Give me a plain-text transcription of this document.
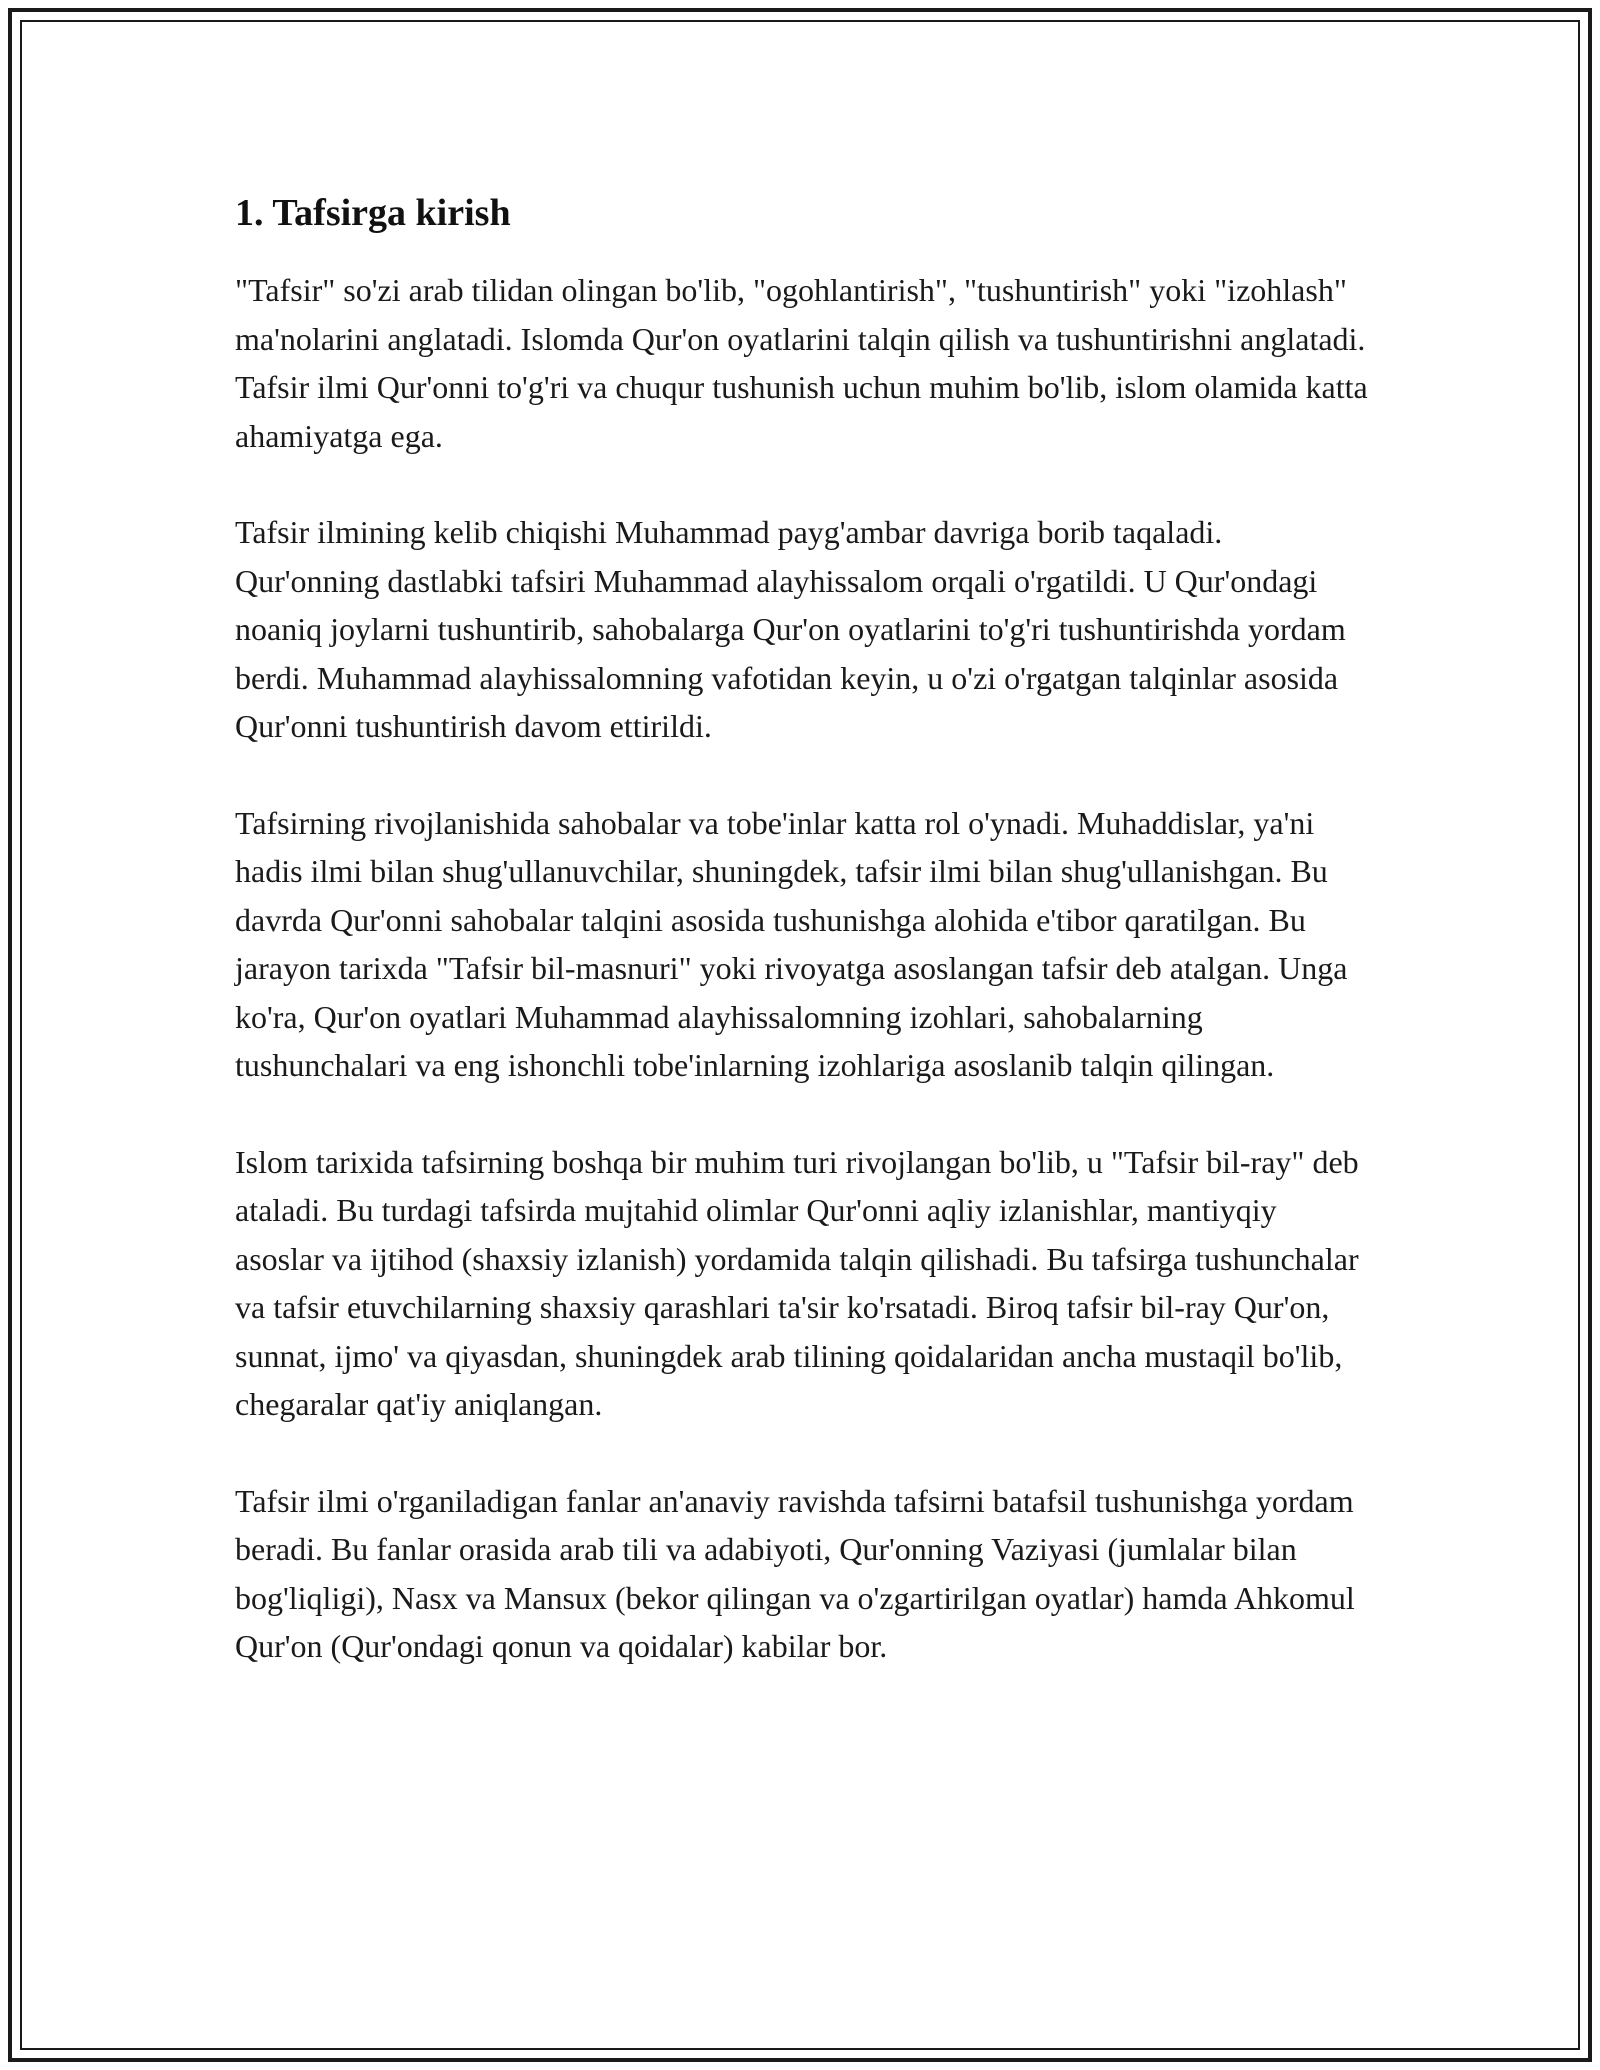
1. Tafsirga kirish

"Tafsir" so'zi arab tilidan olingan bo'lib, "ogohlantirish", "tushuntirish" yoki "izohlash" ma'nolarini anglatadi. Islomda Qur'on oyatlarini talqin qilish va tushuntirishni anglatadi. Tafsir ilmi Qur'onni to'g'ri va chuqur tushunish uchun muhim bo'lib, islom olamida katta ahamiyatga ega.

Tafsir ilmining kelib chiqishi Muhammad payg'ambar davriga borib taqaladi. Qur'onning dastlabki tafsiri Muhammad alayhissalom orqali o'rgatildi. U Qur'ondagi noaniq joylarni tushuntirib, sahobalarga Qur'on oyatlarini to'g'ri tushuntirishda yordam berdi. Muhammad alayhissalomning vafotidan keyin, u o'zi o'rgatgan talqinlar asosida Qur'onni tushuntirish davom ettirildi.

Tafsirning rivojlanishida sahobalar va tobe'inlar katta rol o'ynadi. Muhaddislar, ya'ni hadis ilmi bilan shug'ullanuvchilar, shuningdek, tafsir ilmi bilan shug'ullanishgan. Bu davrda Qur'onni sahobalar talqini asosida tushunishga alohida e'tibor qaratilgan. Bu jarayon tarixda "Tafsir bil-masnuri" yoki rivoyatga asoslangan tafsir deb atalgan. Unga ko'ra, Qur'on oyatlari Muhammad alayhissalomning izohlari, sahobalarning tushunchalari va eng ishonchli tobe'inlarning izohlariga asoslanib talqin qilingan.

Islom tarixida tafsirning boshqa bir muhim turi rivojlangan bo'lib, u "Tafsir bil-ray" deb ataladi. Bu turdagi tafsirda mujtahid olimlar Qur'onni aqliy izlanishlar, mantiyqiy asoslar va ijtihod (shaxsiy izlanish) yordamida talqin qilishadi. Bu tafsirga tushunchalar va tafsir etuvchilarning shaxsiy qarashlari ta'sir ko'rsatadi. Biroq tafsir bil-ray Qur'on, sunnat, ijmo' va qiyasdan, shuningdek arab tilining qoidalaridan ancha mustaqil bo'lib, chegaralar qat'iy aniqlangan.

Tafsir ilmi o'rganiladigan fanlar an'anaviy ravishda tafsirni batafsil tushunishga yordam beradi. Bu fanlar orasida arab tili va adabiyoti, Qur'onning Vaziyasi (jumlalar bilan bog'liqligi), Nasx va Mansux (bekor qilingan va o'zgartirilgan oyatlar) hamda Ahkomul Qur'on (Qur'ondagi qonun va qoidalar) kabilar bor.
